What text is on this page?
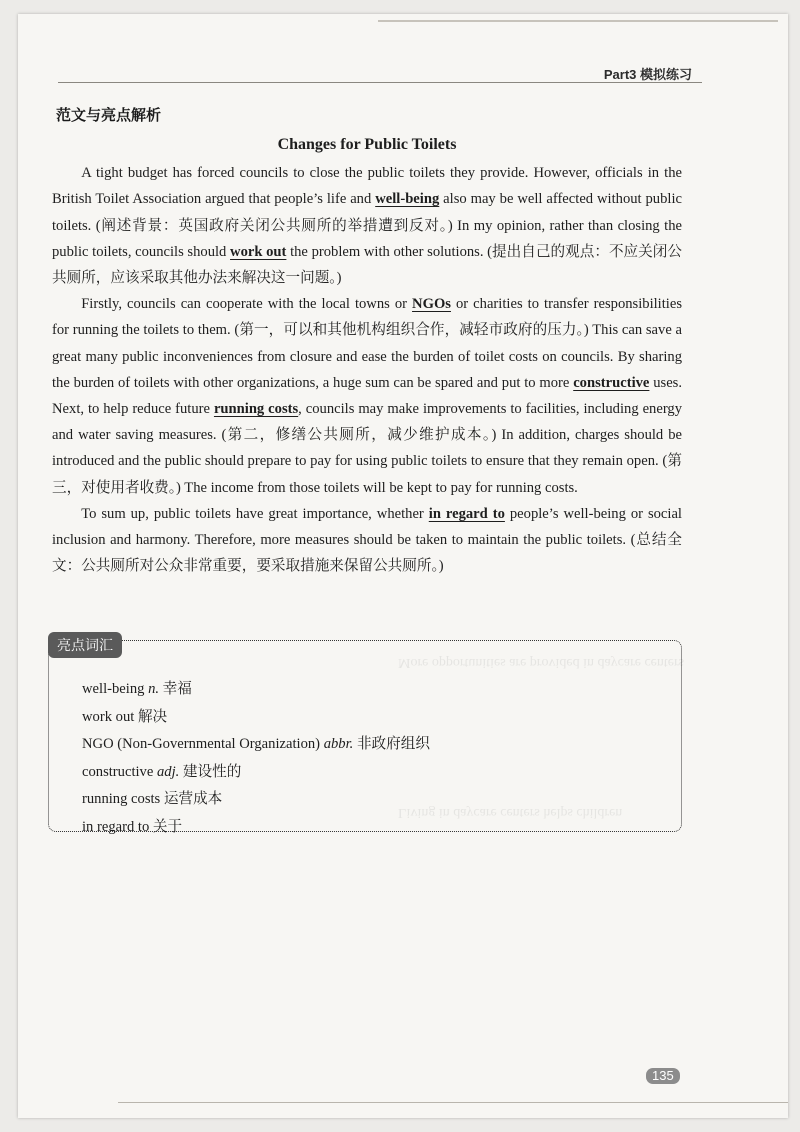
Part3 模拟练习
范文与亮点解析
More opportunities are provided in daycare centers
Living in daycare centers helps children
Changes for Public Toilets

A tight budget has forced councils to close the public toilets they provide. However, officials in the British Toilet Association argued that people’s life and well-being also may be well affected without public toilets. (阐述背景：英国政府关闭公共厕所的举措遭到反对。) In my opinion, rather than closing the public toilets, councils should work out the problem with other solutions. (提出自己的观点：不应关闭公共厕所，应该采取其他办法来解决这一问题。)

Firstly, councils can cooperate with the local towns or NGOs or charities to transfer responsibilities for running the toilets to them. (第一，可以和其他机构组织合作，减轻市政府的压力。) This can save a great many public inconveniences from closure and ease the burden of toilet costs on councils. By sharing the burden of toilets with other organizations, a huge sum can be spared and put to more constructive uses. Next, to help reduce future running costs, councils may make improvements to facilities, including energy and water saving measures. (第二，修缮公共厕所，减少维护成本。) In addition, charges should be introduced and the public should prepare to pay for using public toilets to ensure that they remain open. (第三，对使用者收费。) The income from those toilets will be kept to pay for running costs.

To sum up, public toilets have great importance, whether in regard to people’s well-being or social inclusion and harmony. Therefore, more measures should be taken to maintain the public toilets. (总结全文：公共厕所对公众非常重要，要采取措施来保留公共厕所。)

亮点词汇
well-being n. 幸福
work out 解决
NGO (Non-Governmental Organization) abbr. 非政府组织
constructive adj. 建设性的
running costs 运营成本
in regard to 关于
135
